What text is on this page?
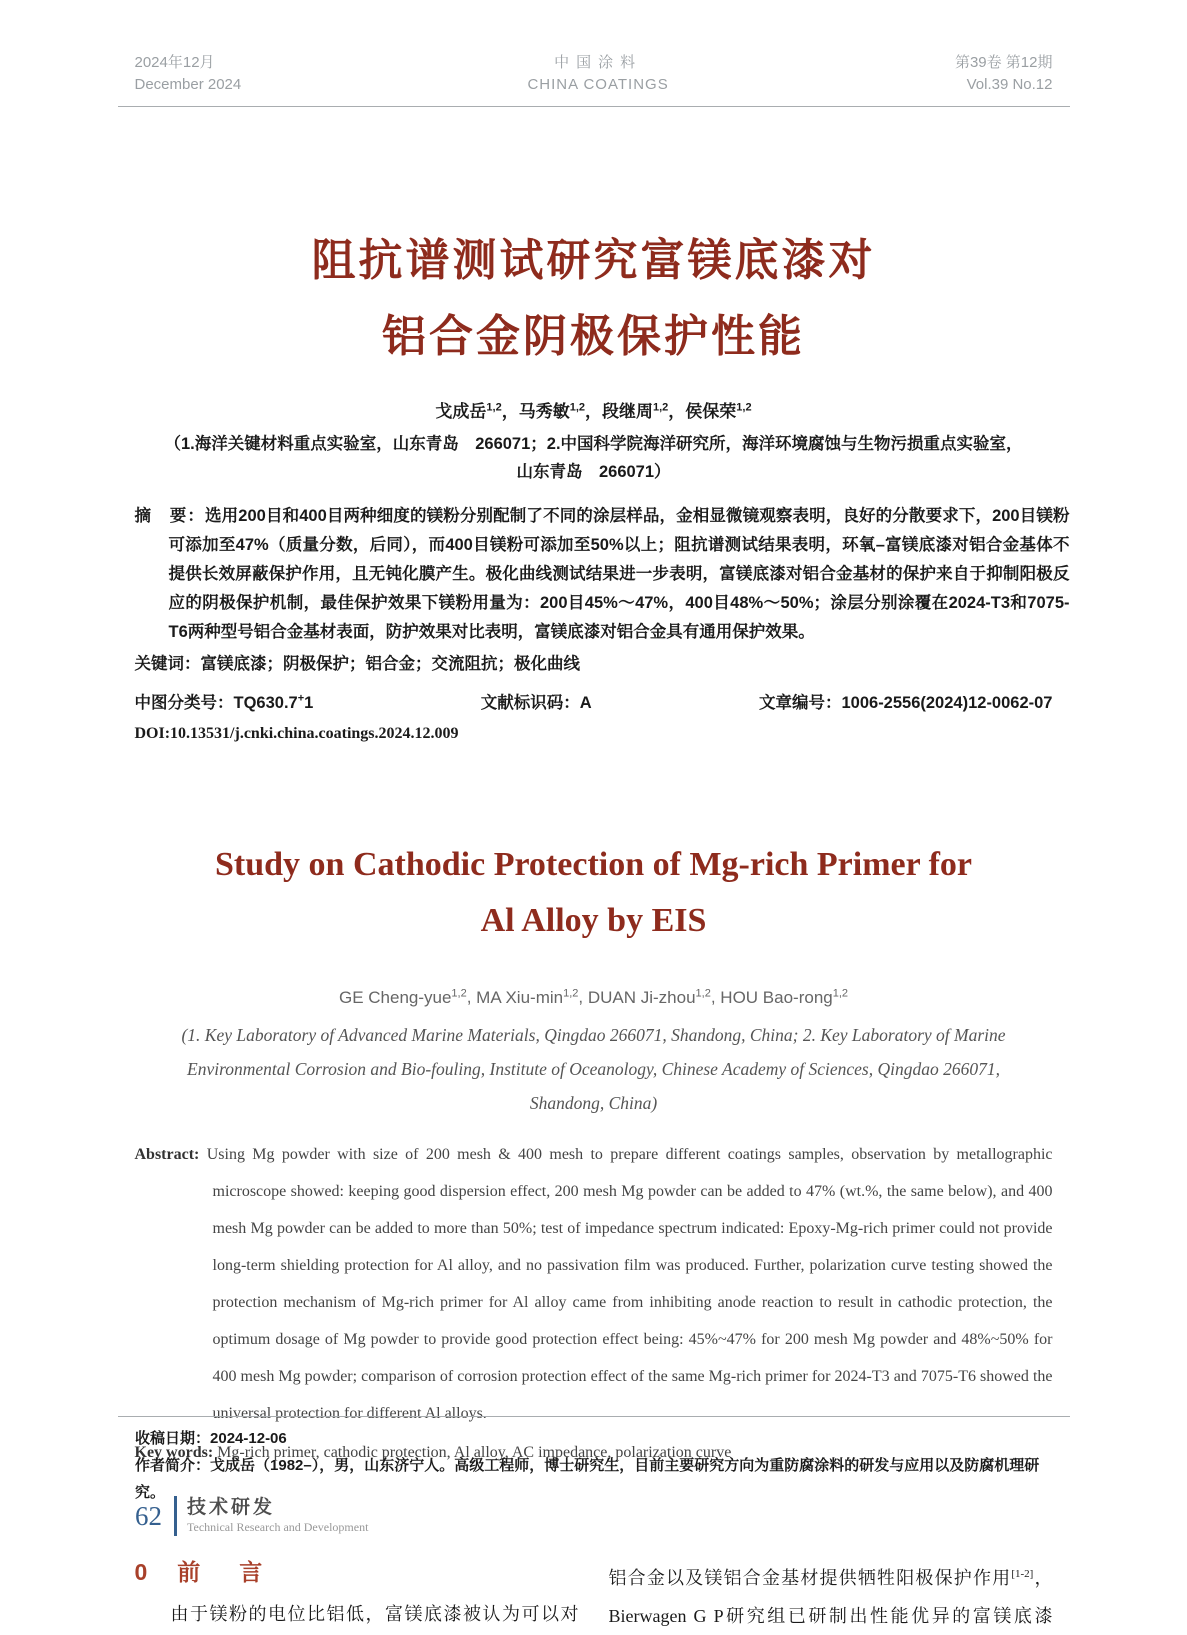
2024年12月
December 2024
中国涂料
CHINA COATINGS
第39卷 第12期
Vol.39 No.12
阻抗谱测试研究富镁底漆对
铝合金阴极保护性能
戈成岳$^{1,2}$，马秀敏$^{1,2}$，段继周$^{1,2}$，侯保荣$^{1,2}$
（1.海洋关键材料重点实验室，山东青岛　266071；2.中国科学院海洋研究所，海洋环境腐蚀与生物污损重点实验室，
山东青岛　266071）
摘　要：选用200目和400目两种细度的镁粉分别配制了不同的涂层样品，金相显微镜观察表明，良好的分散要求下，200目镁粉可添加至47%（质量分数，后同），而400目镁粉可添加至50%以上；阻抗谱测试结果表明，环氧–富镁底漆对铝合金基体不提供长效屏蔽保护作用，且无钝化膜产生。极化曲线测试结果进一步表明，富镁底漆对铝合金基材的保护来自于抑制阳极反应的阴极保护机制，最佳保护效果下镁粉用量为：200目45%～47%，400目48%～50%；涂层分别涂覆在2024-T3和7075-T6两种型号铝合金基材表面，防护效果对比表明，富镁底漆对铝合金具有通用保护效果。
关键词：富镁底漆；阴极保护；铝合金；交流阻抗；极化曲线
中图分类号：TQ630.7+1	文献标识码：A	文章编号：1006-2556(2024)12-0062-07
DOI:10.13531/j.cnki.china.coatings.2024.12.009
Study on Cathodic Protection of Mg-rich Primer for
Al Alloy by EIS
GE Cheng-yue$^{1,2}$, MA Xiu-$\min^{1,2}$, DUAN Ji-zhou$^{1,2}$, HOU Bao-rong$^{1,2}$
(1. Key Laboratory of Advanced Marine Materials, Qingdao 266071, Shandong, China; 2. Key Laboratory of Marine
Environmental Corrosion and Bio-fouling, Institute of Oceanology, Chinese Academy of Sciences, Qingdao 266071,
Shandong, China)
Abstract: Using Mg powder with size of 200 mesh & 400 mesh to prepare different coatings samples, observation by metallographic microscope showed: keeping good dispersion effect, 200 mesh Mg powder can be added to 47% (wt.%, the same below), and 400 mesh Mg powder can be added to more than 50%; test of impedance spectrum indicated: Epoxy-Mg-rich primer could not provide long-term shielding protection for Al alloy, and no passivation film was produced. Further, polarization curve testing showed the protection mechanism of Mg-rich primer for Al alloy came from inhibiting anode reaction to result in cathodic protection, the optimum dosage of Mg powder to provide good protection effect being: 45%~47% for 200 mesh Mg powder and 48%~50% for 400 mesh Mg powder; comparison of corrosion protection effect of the same Mg-rich primer for 2024-T3 and 7075-T6 showed the universal protection for different Al alloys.
Key words: Mg-rich primer, cathodic protection, Al alloy, AC impedance, polarization curve
0 前　言

由于镁粉的电位比铝低，富镁底漆被认为可以对

铝合金以及镁铝合金基材提供牺牲阳极保护作用[1-2]，

Bierwagen G P研究组已研制出性能优异的富镁底漆

收稿日期：2024-12-06
作者简介：戈成岳（1982–），男，山东济宁人。高级工程师，博士研究生，目前主要研究方向为重防腐涂料的研发与应用以及防腐机理研究。
62 技术研发
Technical Research and Development
